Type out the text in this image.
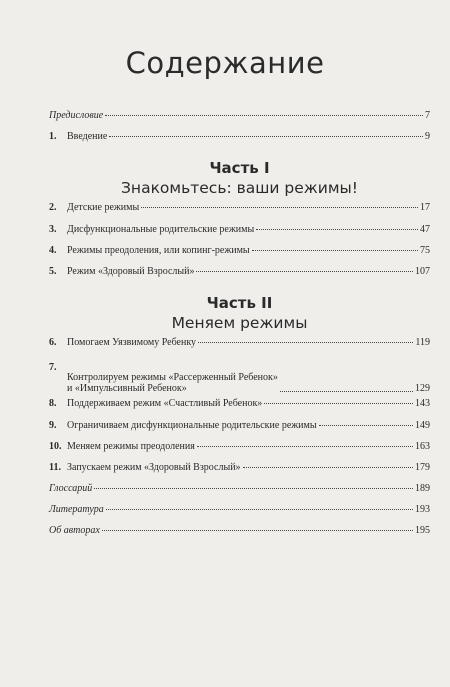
Содержание
Предисловие	7
1.	Введение	9
Часть I
Знакомьтесь: ваши режимы!
2.	Детские режимы	17
3.	Дисфункциональные родительские режимы	47
4.	Режимы преодоления, или копинг-режимы	75
5.	Режим «Здоровый Взрослый»	107
Часть II
Меняем режимы
6.	Помогаем Уязвимому Ребенку	119
7.
Контролируем режимы «Рассерженный Ребенок»
и «Импульсивный Ребенок»	129
8.	Поддерживаем режим «Счастливый Ребенок»	143
9.	Ограничиваем дисфункциональные родительские режимы	149
10. Меняем режимы преодоления	163
11. Запускаем режим «Здоровый Взрослый»	179
Глоссарий	189
Литература	193
Об авторах	195
